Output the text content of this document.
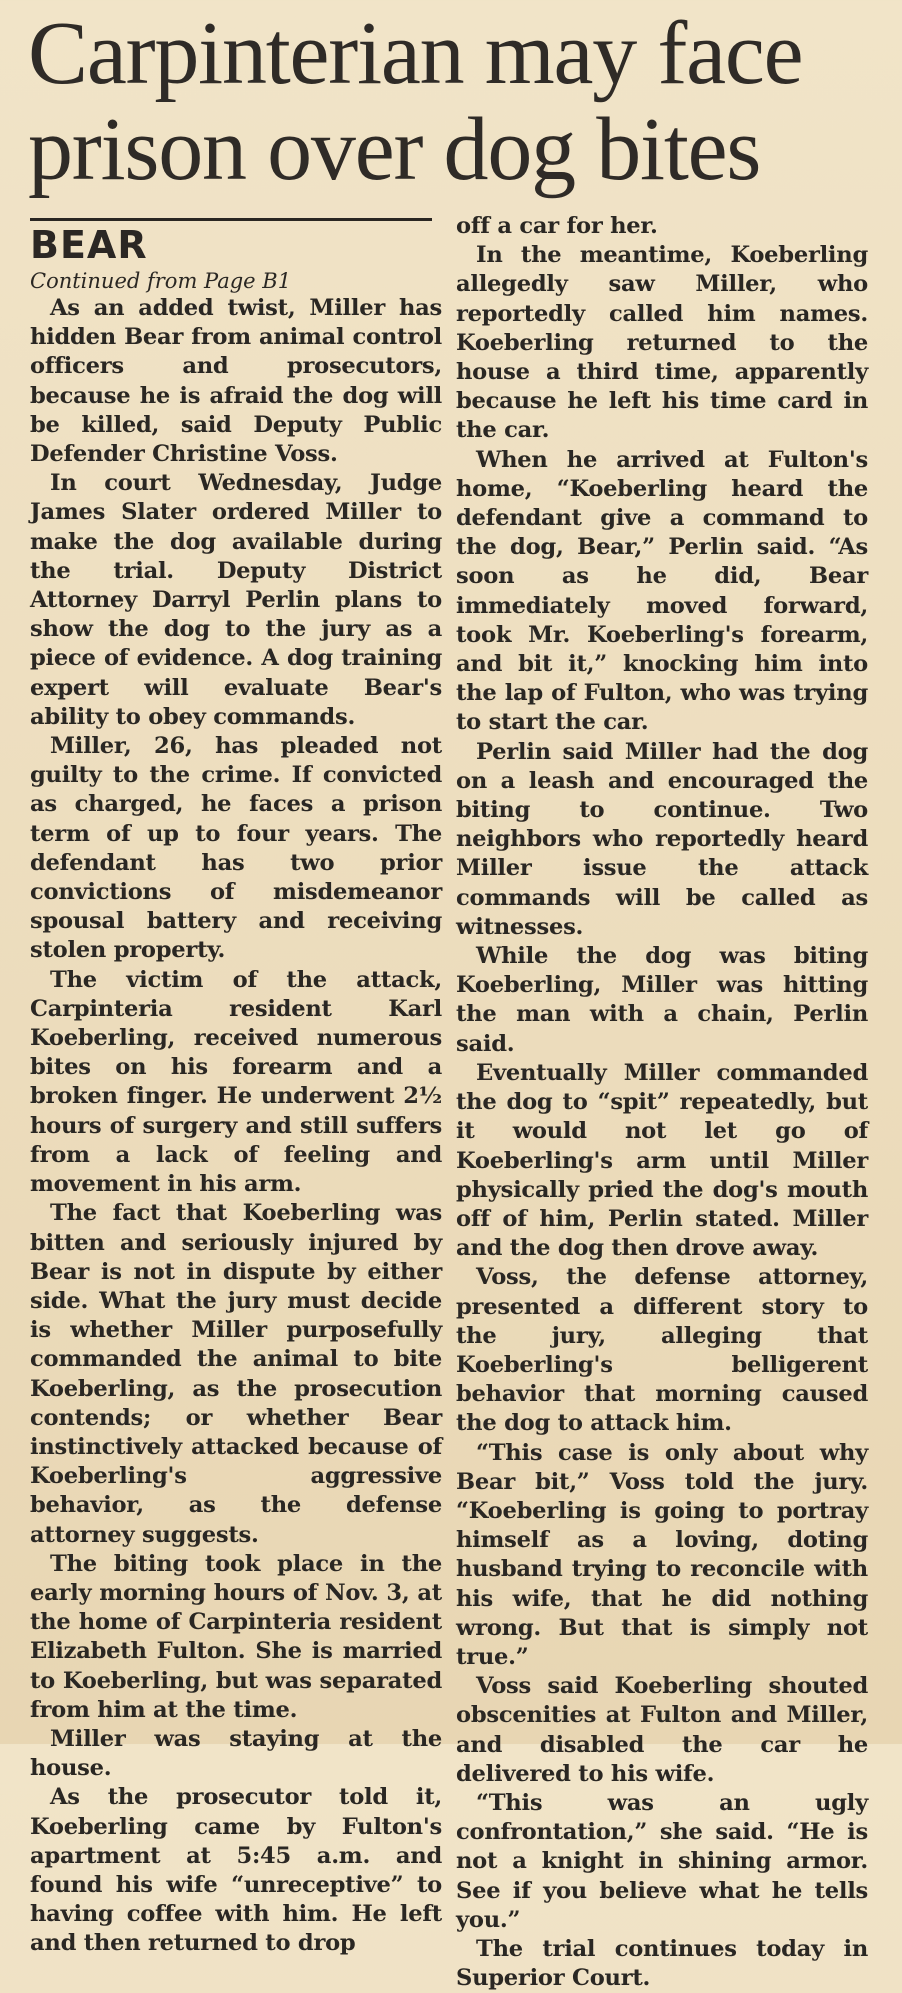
Carpinterian may face prison over dog bites
BEAR

Continued from Page B1

As an added twist, Miller has hidden Bear from animal control officers and prosecutors, because he is afraid the dog will be killed, said Deputy Public Defender Christine Voss.

In court Wednesday, Judge James Slater ordered Miller to make the dog available during the trial. Deputy District Attorney Darryl Perlin plans to show the dog to the jury as a piece of evidence. A dog training expert will evaluate Bear's ability to obey commands.

Miller, 26, has pleaded not guilty to the crime. If convicted as charged, he faces a prison term of up to four years. The defendant has two prior convictions of misdemeanor spousal battery and receiving stolen property.

The victim of the attack, Carpinteria resident Karl Koeberling, received numerous bites on his forearm and a broken finger. He underwent 2½ hours of surgery and still suffers from a lack of feeling and movement in his arm.

The fact that Koeberling was bitten and seriously injured by Bear is not in dispute by either side. What the jury must decide is whether Miller purposefully commanded the animal to bite Koeberling, as the prosecution contends; or whether Bear instinctively attacked because of Koeberling's aggressive behavior, as the defense attorney suggests.

The biting took place in the early morning hours of Nov. 3, at the home of Carpinteria resident Elizabeth Fulton. She is married to Koeberling, but was separated from him at the time.

Miller was staying at the house.

As the prosecutor told it, Koeberling came by Fulton's apartment at 5:45 a.m. and found his wife “unreceptive” to having coffee with him. He left and then returned to drop

off a car for her.

In the meantime, Koeberling allegedly saw Miller, who reportedly called him names. Koeberling returned to the house a third time, apparently because he left his time card in the car.

When he arrived at Fulton's home, “Koeberling heard the defendant give a command to the dog, Bear,” Perlin said. “As soon as he did, Bear immediately moved forward, took Mr. Koeberling's forearm, and bit it,” knocking him into the lap of Fulton, who was trying to start the car.

Perlin said Miller had the dog on a leash and encouraged the biting to continue. Two neighbors who reportedly heard Miller issue the attack commands will be called as witnesses.

While the dog was biting Koeberling, Miller was hitting the man with a chain, Perlin said.

Eventually Miller commanded the dog to “spit” repeatedly, but it would not let go of Koeberling's arm until Miller physically pried the dog's mouth off of him, Perlin stated. Miller and the dog then drove away.

Voss, the defense attorney, presented a different story to the jury, alleging that Koeberling's belligerent behavior that morning caused the dog to attack him.

“This case is only about why Bear bit,” Voss told the jury. “Koeberling is going to portray himself as a loving, doting husband trying to reconcile with his wife, that he did nothing wrong. But that is simply not true.”

Voss said Koeberling shouted obscenities at Fulton and Miller, and disabled the car he delivered to his wife.

“This was an ugly confrontation,” she said. “He is not a knight in shining armor. See if you believe what he tells you.”

The trial continues today in Superior Court.
